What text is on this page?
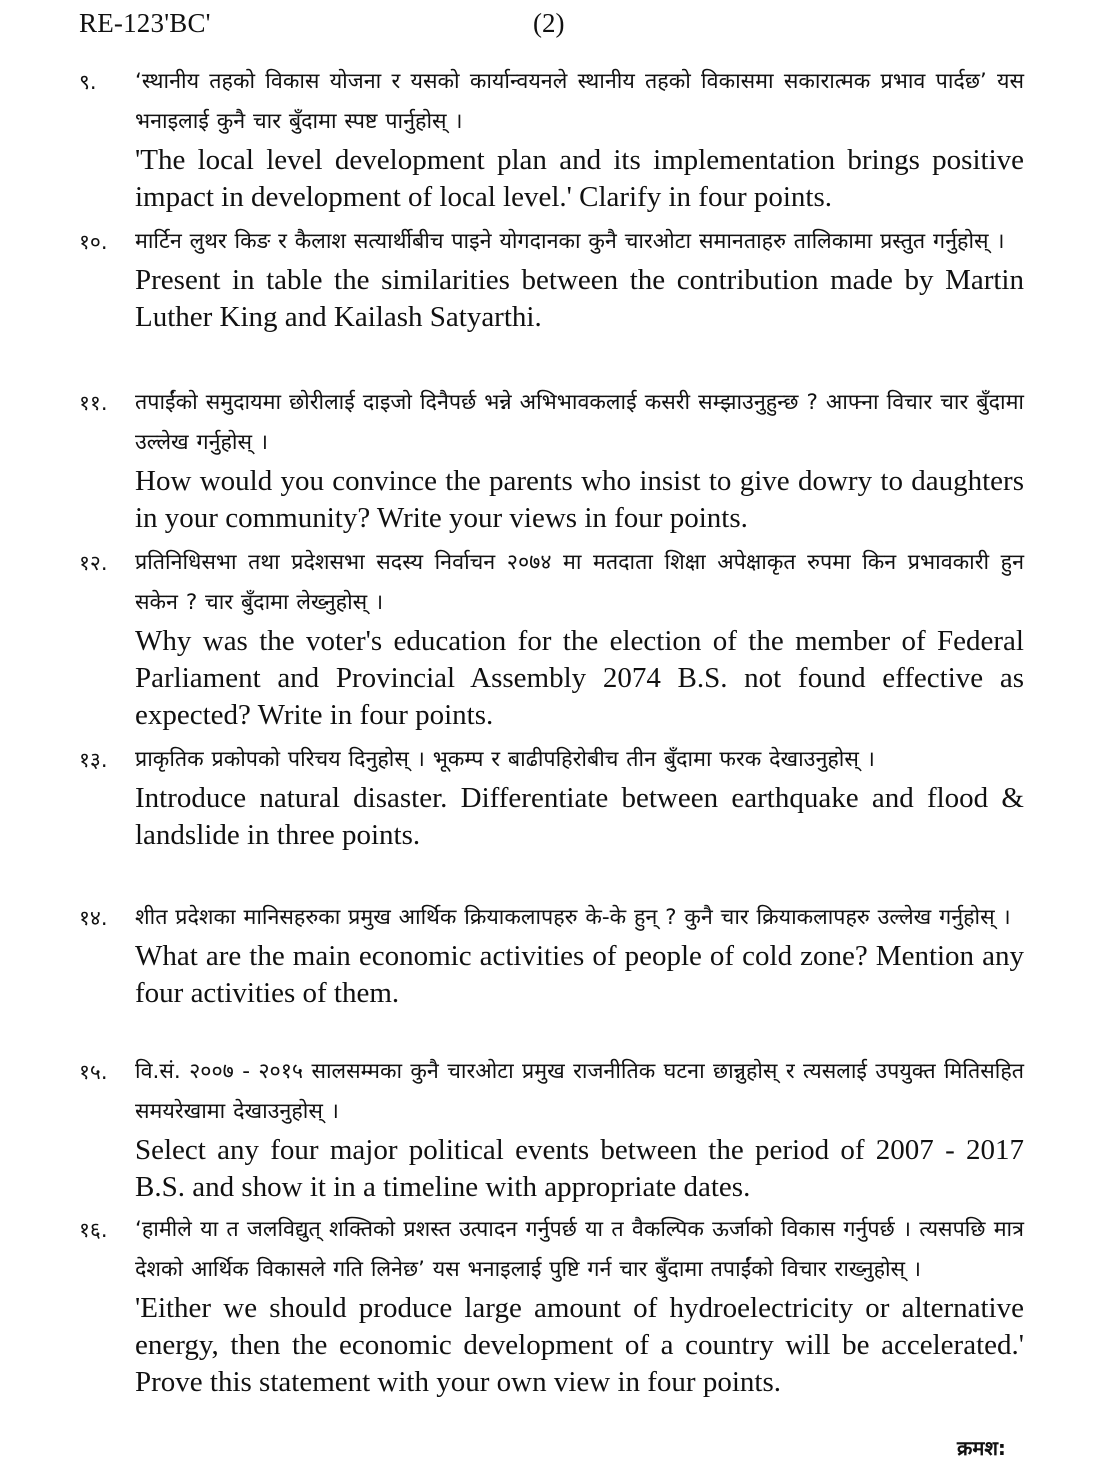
RE-123'BC'	(2)
९. ‘स्थानीय तहको विकास योजना र यसको कार्यान्वयनले स्थानीय तहको विकासमा सकारात्मक प्रभाव पार्दछ’ यस भनाइलाई कुनै चार बुँदामा स्पष्ट पार्नुहोस् ।

'The local level development plan and its implementation brings positive impact in development of local level.' Clarify in four points.

१०. मार्टिन लुथर किङ र कैलाश सत्यार्थीबीच पाइने योगदानका कुनै चारओटा समानताहरु तालिकामा प्रस्तुत गर्नुहोस् ।

Present in table the similarities between the contribution made by Martin Luther King and Kailash Satyarthi.

११. तपाईंको समुदायमा छोरीलाई दाइजो दिनैपर्छ भन्ने अभिभावकलाई कसरी सम्झाउनुहुन्छ ? आफ्ना विचार चार बुँदामा उल्लेख गर्नुहोस् ।

How would you convince the parents who insist to give dowry to daughters in your community? Write your views in four points.

१२. प्रतिनिधिसभा तथा प्रदेशसभा सदस्य निर्वाचन २०७४ मा मतदाता शिक्षा अपेक्षाकृत रुपमा किन प्रभावकारी हुन सकेन ? चार बुँदामा लेख्नुहोस् ।

Why was the voter's education for the election of the member of Federal Parliament and Provincial Assembly 2074 B.S. not found effective as expected? Write in four points.

१३. प्राकृतिक प्रकोपको परिचय दिनुहोस् । भूकम्प र बाढीपहिरोबीच तीन बुँदामा फरक देखाउनुहोस् ।

Introduce natural disaster. Differentiate between earthquake and flood & landslide in three points.

१४. शीत प्रदेशका मानिसहरुका प्रमुख आर्थिक क्रियाकलापहरु के-के हुन् ? कुनै चार क्रियाकलापहरु उल्लेख गर्नुहोस् ।

What are the main economic activities of people of cold zone? Mention any four activities of them.

१५. वि.सं. २००७ - २०१५ सालसम्मका कुनै चारओटा प्रमुख राजनीतिक घटना छान्नुहोस् र त्यसलाई उपयुक्त मितिसहित समयरेखामा देखाउनुहोस् ।

Select any four major political events between the period of 2007 - 2017 B.S. and show it in a timeline with appropriate dates.

१६. ‘हामीले या त जलविद्युत् शक्तिको प्रशस्त उत्पादन गर्नुपर्छ या त वैकल्पिक ऊर्जाको विकास गर्नुपर्छ । त्यसपछि मात्र देशको आर्थिक विकासले गति लिनेछ’ यस भनाइलाई पुष्टि गर्न चार बुँदामा तपाईंको विचार राख्नुहोस् ।

'Either we should produce large amount of hydroelectricity or alternative energy, then the economic development of a country will be accelerated.' Prove this statement with your own view in four points.

क्रमश:
